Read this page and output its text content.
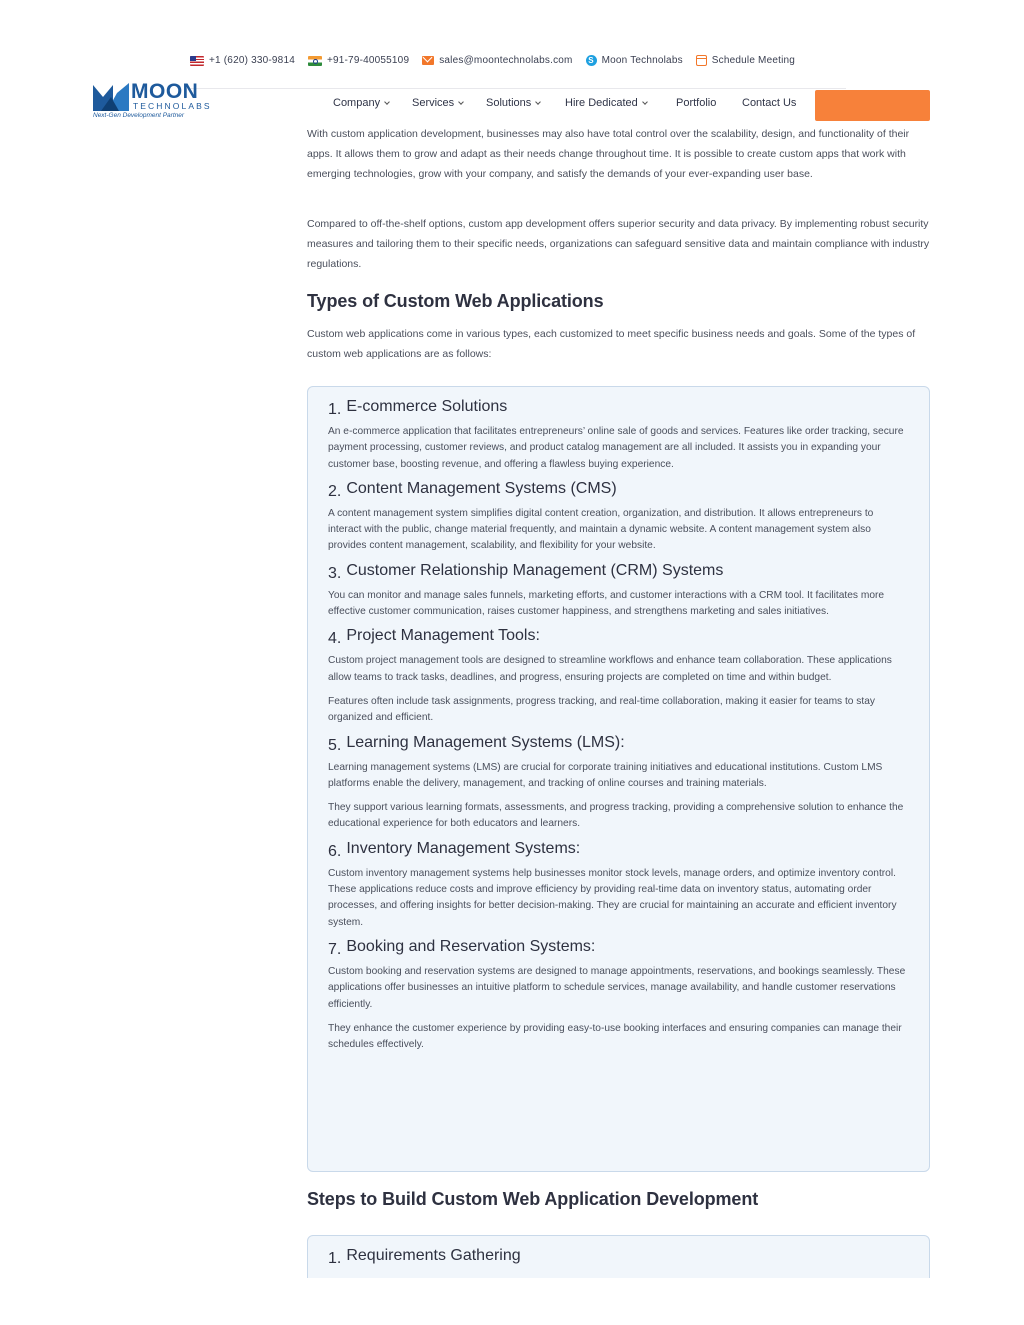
+1 (620) 330-9814	+91-79-40055109	sales@moontechnolabs.com	S Moon Technolabs	Schedule Meeting
MOON
TECHNOLABS
Next-Gen Development Partner
Company	Services	Solutions	Hire Dedicated	Portfolio Contact Us

With custom application development, businesses may also have total control over the scalability, design, and functionality of their apps. It allows them to grow and adapt as their needs change throughout time. It is possible to create custom apps that work with emerging technologies, grow with your company, and satisfy the demands of your ever-expanding user base.

Compared to off-the-shelf options, custom app development offers superior security and data privacy. By implementing robust security measures and tailoring them to their specific needs, organizations can safeguard sensitive data and maintain compliance with industry regulations.

Types of Custom Web Applications

Custom web applications come in various types, each customized to meet specific business needs and goals. Some of the types of custom web applications are as follows:

1. E-commerce Solutions

An e-commerce application that facilitates entrepreneurs’ online sale of goods and services. Features like order tracking, secure payment processing, customer reviews, and product catalog management are all included. It assists you in expanding your customer base, boosting revenue, and offering a flawless buying experience.

2. Content Management Systems (CMS)

A content management system simplifies digital content creation, organization, and distribution. It allows entrepreneurs to interact with the public, change material frequently, and maintain a dynamic website. A content management system also provides content management, scalability, and flexibility for your website.

3. Customer Relationship Management (CRM) Systems

You can monitor and manage sales funnels, marketing efforts, and customer interactions with a CRM tool. It facilitates more effective customer communication, raises customer happiness, and strengthens marketing and sales initiatives.

4. Project Management Tools:

Custom project management tools are designed to streamline workflows and enhance team collaboration. These applications allow teams to track tasks, deadlines, and progress, ensuring projects are completed on time and within budget.

Features often include task assignments, progress tracking, and real-time collaboration, making it easier for teams to stay organized and efficient.

5. Learning Management Systems (LMS):

Learning management systems (LMS) are crucial for corporate training initiatives and educational institutions. Custom LMS platforms enable the delivery, management, and tracking of online courses and training materials.

They support various learning formats, assessments, and progress tracking, providing a comprehensive solution to enhance the educational experience for both educators and learners.

6. Inventory Management Systems:

Custom inventory management systems help businesses monitor stock levels, manage orders, and optimize inventory control. These applications reduce costs and improve efficiency by providing real-time data on inventory status, automating order processes, and offering insights for better decision-making. They are crucial for maintaining an accurate and efficient inventory system.

7. Booking and Reservation Systems:

Custom booking and reservation systems are designed to manage appointments, reservations, and bookings seamlessly. These applications offer businesses an intuitive platform to schedule services, manage availability, and handle customer reservations efficiently.

They enhance the customer experience by providing easy-to-use booking interfaces and ensuring companies can manage their schedules effectively.

Steps to Build Custom Web Application Development
1. Requirements Gathering
